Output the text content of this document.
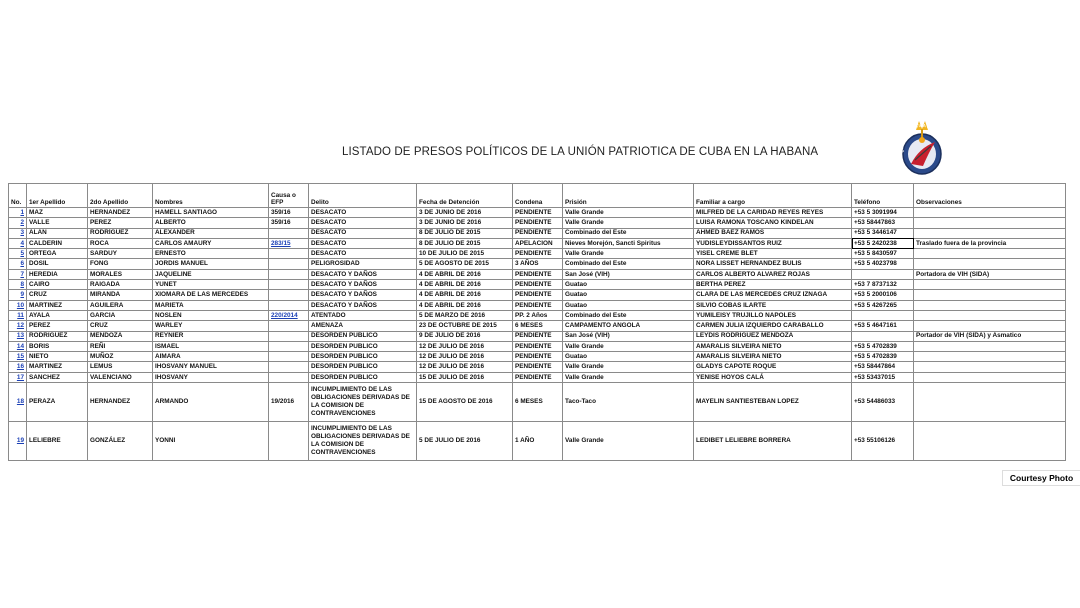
LISTADO DE PRESOS POLÍTICOS DE LA UNIÓN PATRIOTICA DE CUBA EN LA HABANA	UNIÓN PATRIÓTICA DE CUBA
No.	1er Apellido	2do Apellido	Nombres	Causa o EFP	Delito	Fecha de Detención	Condena	Prisión	Familiar a cargo	Teléfono	Observaciones
1	MAZ	HERNANDEZ	HAMELL SANTIAGO	359/16	DESACATO	3 DE JUNIO DE 2016	PENDIENTE	Valle Grande	MILFRED DE LA CARIDAD REYES REYES	+53 5 3091994	
2	VALLE	PEREZ	ALBERTO	359/16	DESACATO	3 DE JUNIO DE 2016	PENDIENTE	Valle Grande	LUISA RAMONA TOSCANO KINDELAN	+53 58447863	
3	ALAN	RODRÍGUEZ	ALEXANDER		DESACATO	8 DE JULIO DE 2015	PENDIENTE	Combinado del Este	AHMED BAEZ RAMOS	+53 5 3446147	
4	CALDERIN	ROCA	CARLOS AMAURY	283/15	DESACATO	8 DE JULIO DE 2015	APELACION	Nieves Morejón, Sancti Spiritus	YUDISLEYDISSANTOS RUIZ	+53 5 2420238	Traslado fuera de la provincia
5	ORTEGA	SARDUY	ERNESTO		DESACATO	10 DE JULIO DE 2015	PENDIENTE	Valle Grande	YISEL CREME BLET	+53 5 8430597	
6	DOSIL	FONG	JORDIS MANUEL		PELIGROSIDAD	5 DE AGOSTO DE 2015	3 AÑOS	Combinado del Este	NORA LISSET HERNANDEZ BULIS	+53 5 4023798	
7	HEREDIA	MORALES	JAQUELINE		DESACATO Y DAÑOS	4 DE ABRIL DE 2016	PENDIENTE	San José (VIH)	CARLOS ALBERTO ALVAREZ ROJAS		Portadora de VIH (SIDA)
8	CAIRO	RAIGADA	YUNET		DESACATO Y DAÑOS	4 DE ABRIL DE 2016	PENDIENTE	Guatao	BERTHA PEREZ	+53 7 8737132	
9	CRUZ	MIRANDA	XIOMARA DE LAS MERCEDES		DESACATO Y DAÑOS	4 DE ABRIL DE 2016	PENDIENTE	Guatao	CLARA DE LAS MERCEDES CRUZ IZNAGA	+53 5 2000106	
10	MARTINEZ	AGUILERA	MARIETA		DESACATO Y DAÑOS	4 DE ABRIL DE 2016	PENDIENTE	Guatao	SILVIO COBAS ILARTE	+53 5 4267265	
11	AYALA	GARCIA	NOSLEN	220/2014	ATENTADO	5 DE MARZO DE 2016	PP. 2 Años	Combinado del Este	YUMILEISY TRUJILLO NAPOLES		
12	PEREZ	CRUZ	WARLEY		AMENAZA	23 DE OCTUBRE DE 2015	6 MESES	CAMPAMENTO ANGOLA	CARMEN JULIA IZQUIERDO CARABALLO	+53 5 4647161	
13	RODRIGUEZ	MENDOZA	REYNIER		DESORDEN PUBLICO	9 DE JULIO DE 2016	PENDIENTE	San José (VIH)	LEYDIS RODRIGUEZ MENDOZA		Portador de VIH (SIDA) y Asmatico
14	BORIS	REÑI	ISMAEL		DESORDEN PUBLICO	12 DE JULIO DE 2016	PENDIENTE	Valle Grande	AMARALIS SILVEIRA NIETO	+53 5 4702839	
15	NIETO	MUÑOZ	AIMARA		DESORDEN PUBLICO	12 DE JULIO DE 2016	PENDIENTE	Guatao	AMARALIS SILVEIRA NIETO	+53 5 4702839	
16	MARTINEZ	LEMUS	IHOSVANY MANUEL		DESORDEN PUBLICO	12 DE JULIO DE 2016	PENDIENTE	Valle Grande	GLADYS CAPOTE ROQUE	+53 58447864	
17	SANCHEZ	VALENCIANO	IHOSVANY		DESORDEN PUBLICO	15 DE JULIO DE 2016	PENDIENTE	Valle Grande	YENISE HOYOS CALÁ	+53 53437015	
18	PERAZA	HERNANDEZ	ARMANDO	19/2016	INCUMPLIMIENTO DE LAS OBLIGACIONES DERIVADAS DE LA COMISION DE CONTRAVENCIONES	15 DE AGOSTO DE 2016	6 MESES	Taco-Taco	MAYELIN SANTIESTEBAN LOPEZ	+53 54486033	
19	LELIEBRE	GONZÁLEZ	YONNI		INCUMPLIMIENTO DE LAS OBLIGACIONES DERIVADAS DE LA COMISION DE CONTRAVENCIONES	5 DE JULIO DE 2016	1 AÑO	Valle Grande	LEDIBET LELIEBRE BORRERA	+53 55106126	
Courtesy Photo
